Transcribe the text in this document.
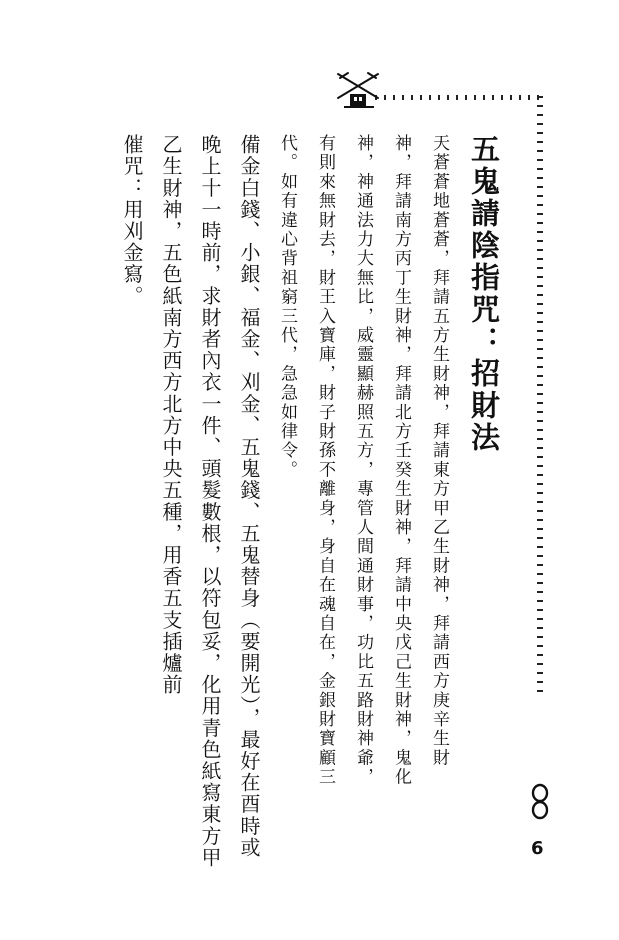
五鬼請陰指咒：招財法

天蒼蒼地蒼蒼，拜請五方生財神，拜請東方甲乙生財神，拜請西方庚辛生財

神，拜請南方丙丁生財神，拜請北方壬癸生財神，拜請中央戊己生財神，鬼化

神，神通法力大無比，威靈顯赫照五方，專管人間通財事，功比五路財神爺，

有則來無財去，財王入寶庫，財子財孫不離身，身自在魂自在，金銀財寶顧三

代。如有違心背祖窮三代，急急如律令。

備金白錢、小銀、福金、刈金、五鬼錢、五鬼替身（要開光），最好在酉時或

晚上十一時前，求財者內衣一件、頭髮數根，以符包妥，化用青色紙寫東方甲

乙生財神，五色紙南方西方北方中央五種，用香五支插爐前

催咒：用刈金寫。

6
